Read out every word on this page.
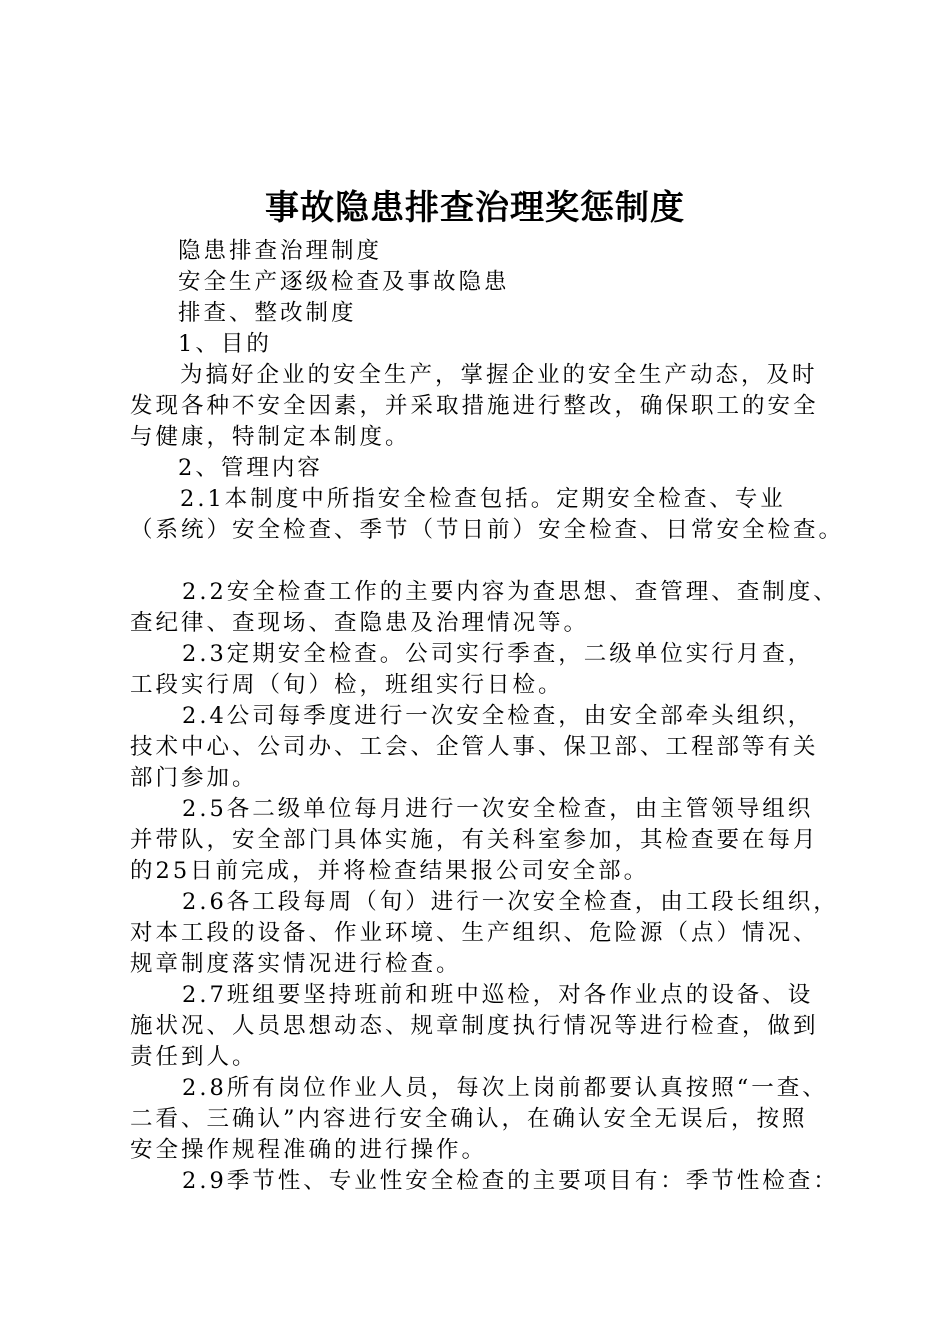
事故隐患排查治理奖惩制度
隐患排查治理制度
安全生产逐级检查及事故隐患
排查、整改制度
1、目的
为搞好企业的安全生产，掌握企业的安全生产动态，及时
发现各种不安全因素，并采取措施进行整改，确保职工的安全
与健康，特制定本制度。
2、管理内容
2.1本制度中所指安全检查包括。定期安全检查、专业
（系统）安全检查、季节（节日前）安全检查、日常安全检查。
2.2安全检查工作的主要内容为查思想、查管理、查制度、
查纪律、查现场、查隐患及治理情况等。
2.3定期安全检查。公司实行季查，二级单位实行月查，
工段实行周（旬）检，班组实行日检。
2.4公司每季度进行一次安全检查，由安全部牵头组织，
技术中心、公司办、工会、企管人事、保卫部、工程部等有关
部门参加。
2.5各二级单位每月进行一次安全检查，由主管领导组织
并带队，安全部门具体实施，有关科室参加，其检查要在每月
的25日前完成，并将检查结果报公司安全部。
2.6各工段每周（旬）进行一次安全检查，由工段长组织，
对本工段的设备、作业环境、生产组织、危险源（点）情况、
规章制度落实情况进行检查。
2.7班组要坚持班前和班中巡检，对各作业点的设备、设
施状况、人员思想动态、规章制度执行情况等进行检查，做到
责任到人。
2.8所有岗位作业人员，每次上岗前都要认真按照“一查、
二看、三确认”内容进行安全确认，在确认安全无误后，按照
安全操作规程准确的进行操作。
2.9季节性、专业性安全检查的主要项目有：季节性检查：
